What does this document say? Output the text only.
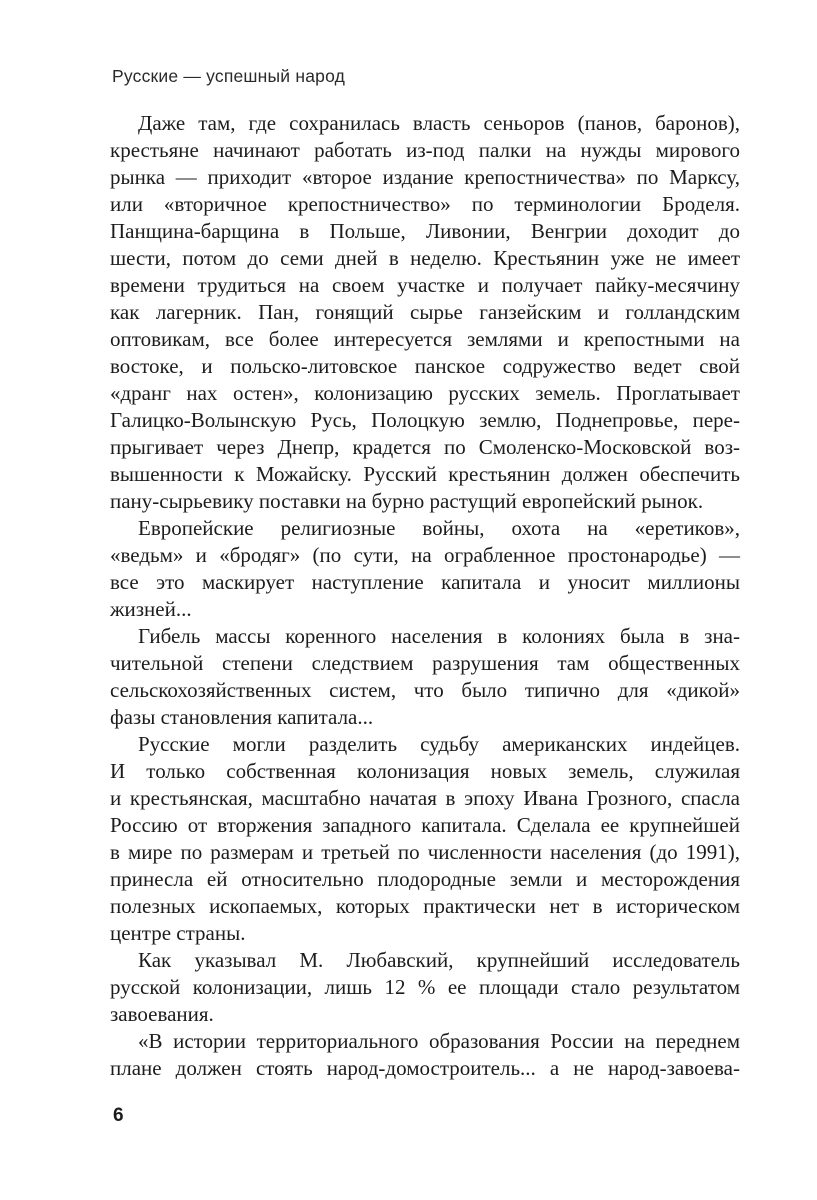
Русские — успешный народ

Даже там, где сохранилась власть сеньоров (панов, баронов),
крестьяне начинают работать из-под палки на нужды мирового
рынка — приходит «второе издание крепостничества» по Марксу,
или «вторичное крепостничество» по терминологии Броделя.
Панщина-барщина в Польше, Ливонии, Венгрии доходит до
шести, потом до семи дней в неделю. Крестьянин уже не имеет
времени трудиться на своем участке и получает пайку-месячину
как лагерник. Пан, гонящий сырье ганзейским и голландским
оптовикам, все более интересуется землями и крепостными на
востоке, и польско-литовское панское содружество ведет свой
«дранг нах остен», колонизацию русских земель. Проглатывает
Галицко-Волынскую Русь, Полоцкую землю, Поднепровье, пере-
прыгивает через Днепр, крадется по Смоленско-Московской воз-
вышенности к Можайску. Русский крестьянин должен обеспечить
пану-сырьевику поставки на бурно растущий европейский рынок.

Европейские религиозные войны, охота на «еретиков»,
«ведьм» и «бродяг» (по сути, на ограбленное простонародье) —
все это маскирует наступление капитала и уносит миллионы
жизней...

Гибель массы коренного населения в колониях была в зна-
чительной степени следствием разрушения там общественных
сельскохозяйственных систем, что было типично для «дикой»
фазы становления капитала...

Русские могли разделить судьбу американских индейцев.
И только собственная колонизация новых земель, служилая
и крестьянская, масштабно начатая в эпоху Ивана Грозного, спасла
Россию от вторжения западного капитала. Сделала ее крупнейшей
в мире по размерам и третьей по численности населения (до 1991),
принесла ей относительно плодородные земли и месторождения
полезных ископаемых, которых практически нет в историческом
центре страны.

Как указывал М. Любавский, крупнейший исследователь
русской колонизации, лишь 12 % ее площади стало результатом
завоевания.

«В истории территориального образования России на переднем
плане должен стоять народ-домостроитель... а не народ-завоева-

6
